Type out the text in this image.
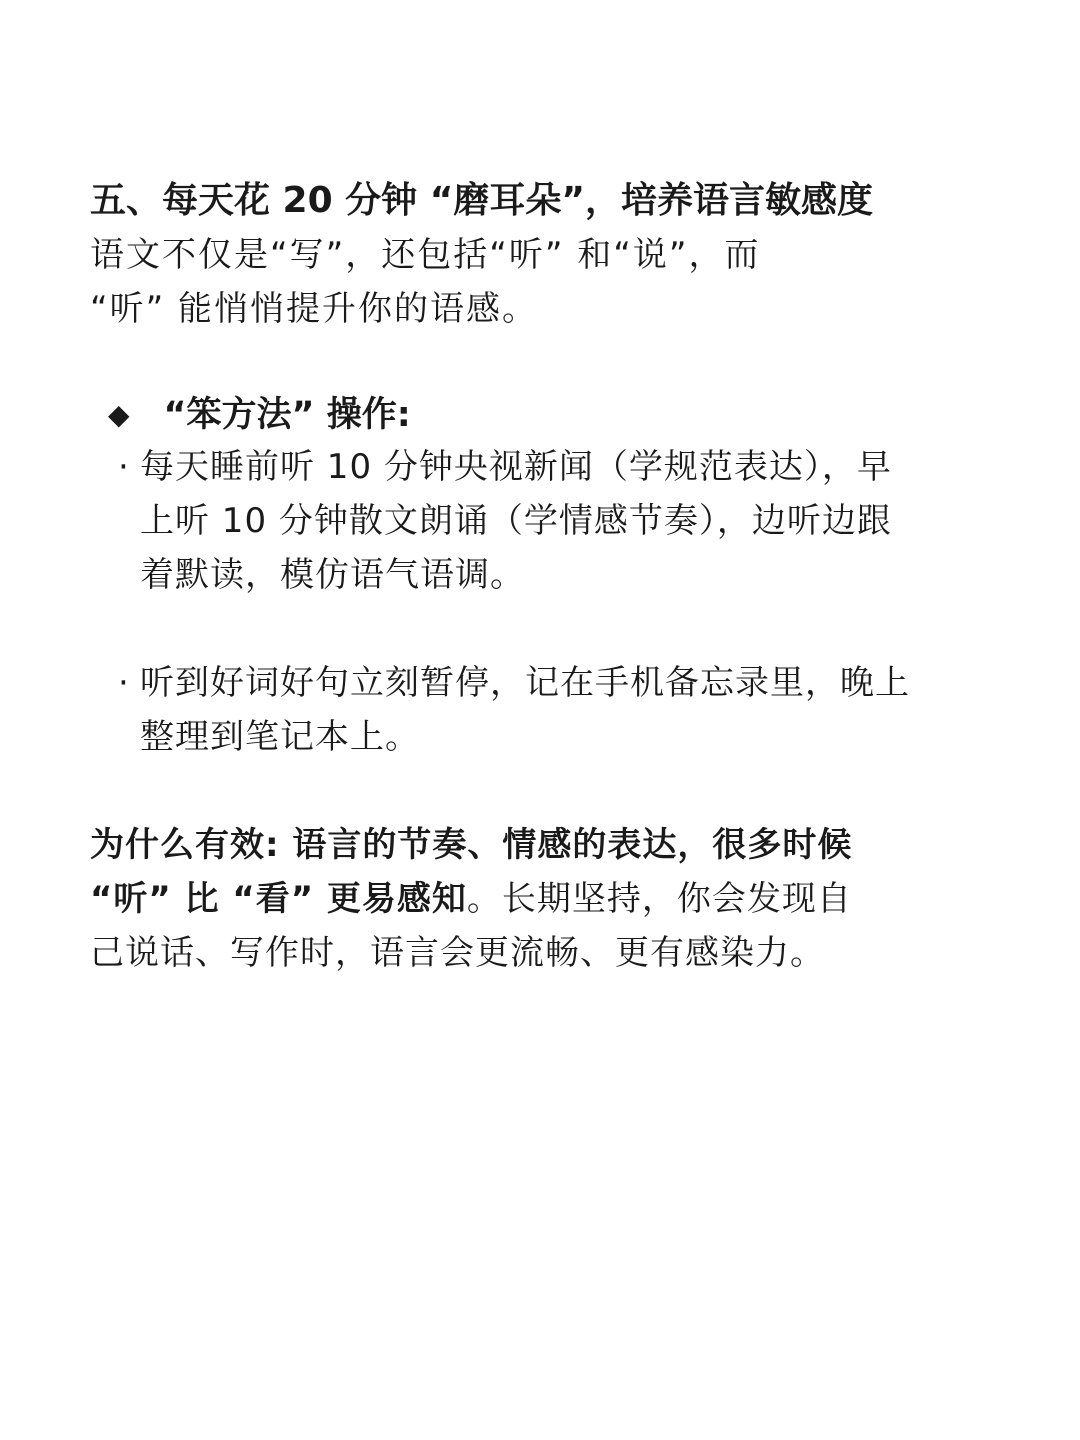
五、每天花 20 分钟 “磨耳朵”，培养语言敏感度

语文不仅是“写”，还包括“听” 和“说”，而
“听” 能悄悄提升你的语感。

◆ “笨方法” 操作:
· 每天睡前听 10 分钟央视新闻（学规范表达），早
上听 10 分钟散文朗诵（学情感节奏），边听边跟
着默读，模仿语气语调。
· 听到好词好句立刻暂停，记在手机备忘录里，晚上
整理到笔记本上。

为什么有效: 语言的节奏、情感的表达，很多时候
“听” 比 “看” 更易感知。长期坚持，你会发现自
己说话、写作时，语言会更流畅、更有感染力。
